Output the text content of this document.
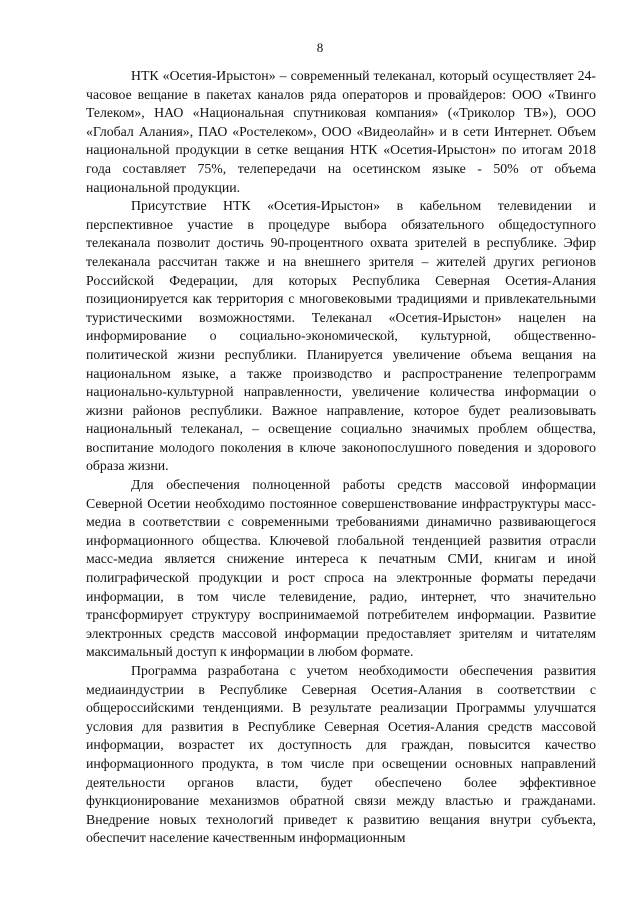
8

НТК «Осетия-Ирыстон» – современный телеканал, который осуществляет 24-часовое вещание в пакетах каналов ряда операторов и провайдеров: ООО «Твинго Телеком», НАО «Национальная спутниковая компания» («Триколор ТВ»), ООО «Глобал Алания», ПАО «Ростелеком», ООО «Видеолайн» и в сети Интернет. Объем национальной продукции в сетке вещания НТК «Осетия-Ирыстон» по итогам 2018 года составляет 75%, телепередачи на осетинском языке - 50% от объема национальной продукции.

Присутствие НТК «Осетия-Ирыстон» в кабельном телевидении и перспективное участие в процедуре выбора обязательного общедоступного телеканала позволит достичь 90-процентного охвата зрителей в республике. Эфир телеканала рассчитан также и на внешнего зрителя – жителей других регионов Российской Федерации, для которых Республика Северная Осетия-Алания позиционируется как территория с многовековыми традициями и привлекательными туристическими возможностями. Телеканал «Осетия-Ирыстон» нацелен на информирование о социально-экономической, культурной, общественно-политической жизни республики. Планируется увеличение объема вещания на национальном языке, а также производство и распространение телепрограмм национально-культурной направленности, увеличение количества информации о жизни районов республики. Важное направление, которое будет реализовывать национальный телеканал, – освещение социально значимых проблем общества, воспитание молодого поколения в ключе законопослушного поведения и здорового образа жизни.

Для обеспечения полноценной работы средств массовой информации Северной Осетии необходимо постоянное совершенствование инфраструктуры масс-медиа в соответствии с современными требованиями динамично развивающегося информационного общества. Ключевой глобальной тенденцией развития отрасли масс-медиа является снижение интереса к печатным СМИ, книгам и иной полиграфической продукции и рост спроса на электронные форматы передачи информации, в том числе телевидение, радио, интернет, что значительно трансформирует структуру воспринимаемой потребителем информации. Развитие электронных средств массовой информации предоставляет зрителям и читателям максимальный доступ к информации в любом формате.

Программа разработана с учетом необходимости обеспечения развития медиаиндустрии в Республике Северная Осетия-Алания в соответствии с общероссийскими тенденциями. В результате реализации Программы улучшатся условия для развития в Республике Северная Осетия-Алания средств массовой информации, возрастет их доступность для граждан, повысится качество информационного продукта, в том числе при освещении основных направлений деятельности органов власти, будет обеспечено более эффективное функционирование механизмов обратной связи между властью и гражданами. Внедрение новых технологий приведет к развитию вещания внутри субъекта, обеспечит население качественным информационным
